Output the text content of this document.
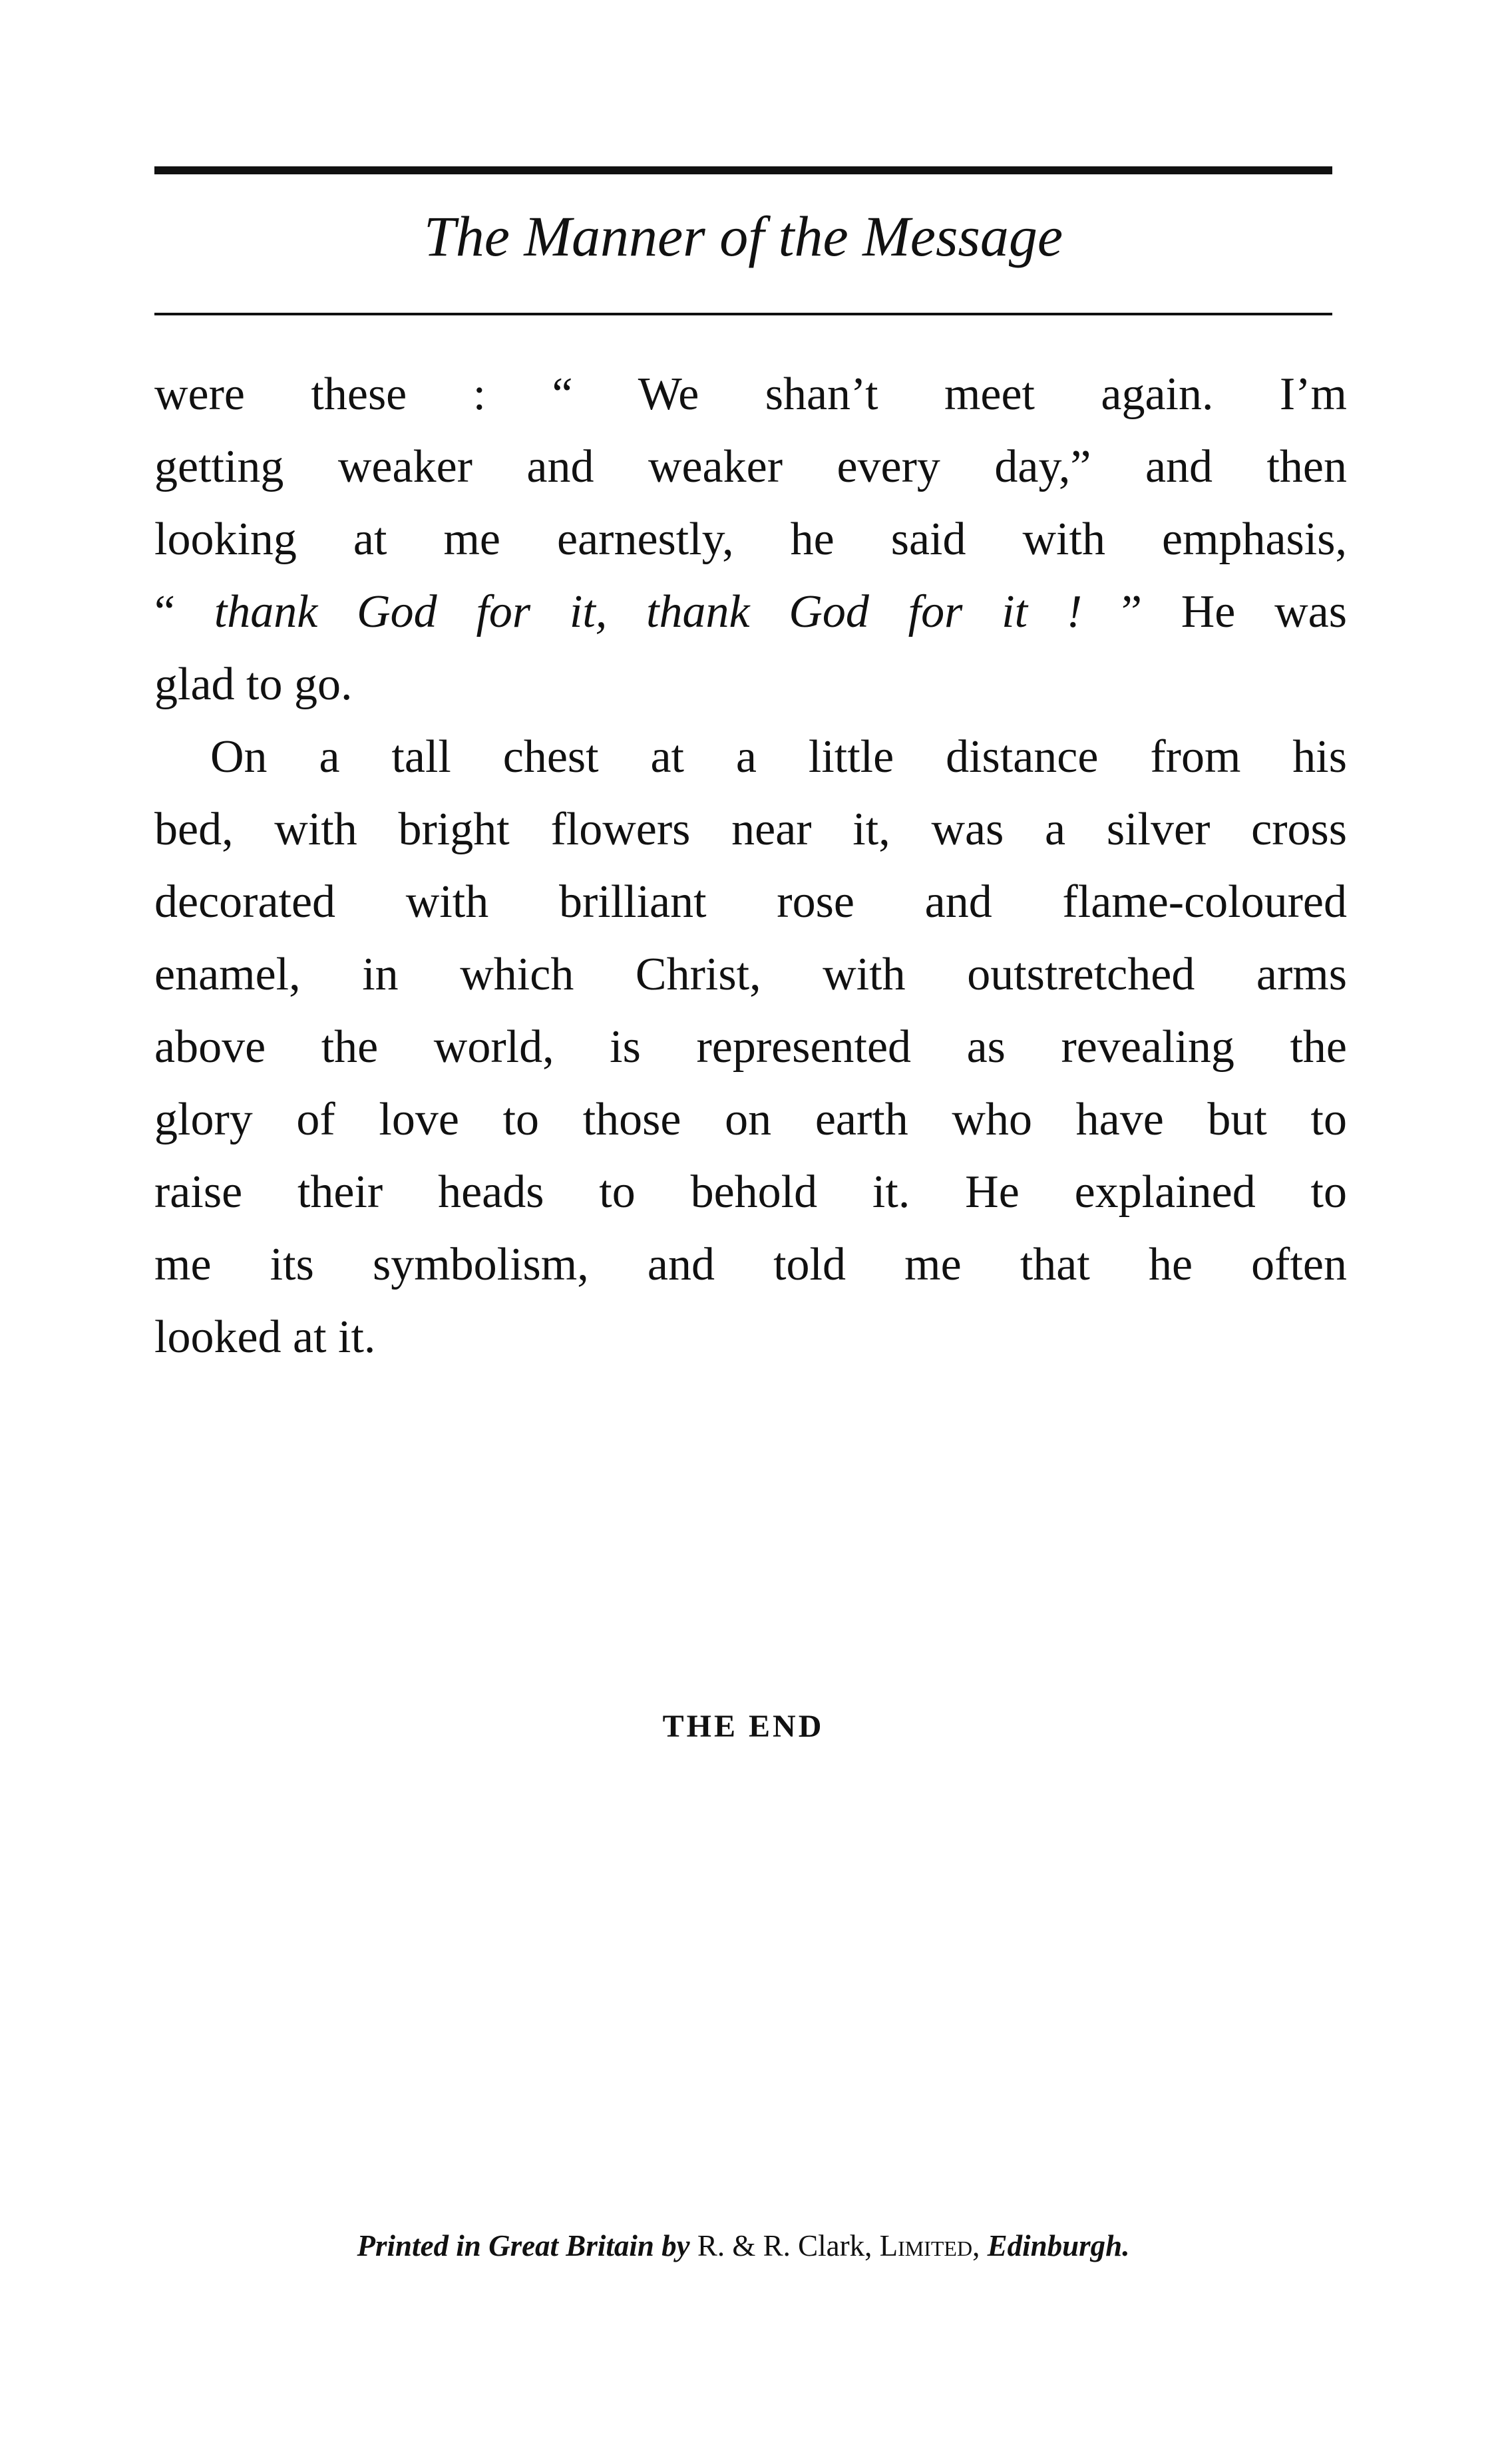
The Manner of the Message
were these : “ We shan’t meet again. I’m
getting weaker and weaker every day,” and then
looking at me earnestly, he said with emphasis,
“ thank God for it, thank God for it ! ” He was
glad to go.
On a tall chest at a little distance from his
bed, with bright flowers near it, was a silver cross
decorated with brilliant rose and flame-coloured
enamel, in which Christ, with outstretched arms
above the world, is represented as revealing the
glory of love to those on earth who have but to
raise their heads to behold it. He explained to
me its symbolism, and told me that he often
looked at it.
THE END
Printed in Great Britain by R. & R. Clark, Limited, Edinburgh.
